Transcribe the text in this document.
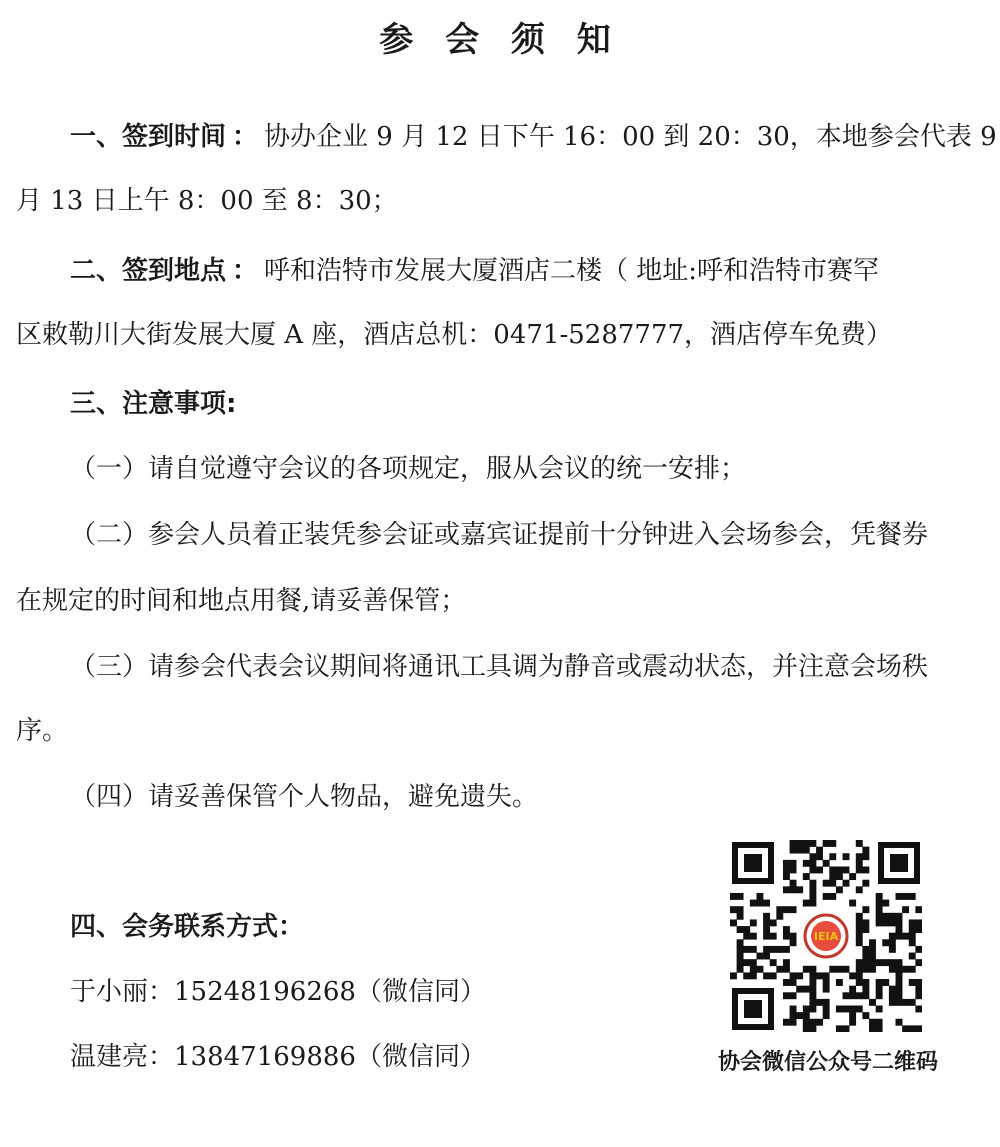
参 会 须 知
一、签到时间 ： 协办企业 9 月 12 日下午 16：00 到 20：30，本地参会代表 9
月 13 日上午 8：00 至 8：30；
二、签到地点 ： 呼和浩特市发展大厦酒店二楼（ 地址:呼和浩特市赛罕
区敕勒川大街发展大厦 A 座，酒店总机：0471-5287777，酒店停车免费）
三、注意事项:
（一）请自觉遵守会议的各项规定，服从会议的统一安排；
（二）参会人员着正装凭参会证或嘉宾证提前十分钟进入会场参会，凭餐券
在规定的时间和地点用餐,请妥善保管；
（三）请参会代表会议期间将通讯工具调为静音或震动状态，并注意会场秩
序。
（四）请妥善保管个人物品，避免遗失。
四、会务联系方式：
于小丽：15248196268（微信同）
温建亮：13847169886（微信同）
IEIA
协会微信公众号二维码
